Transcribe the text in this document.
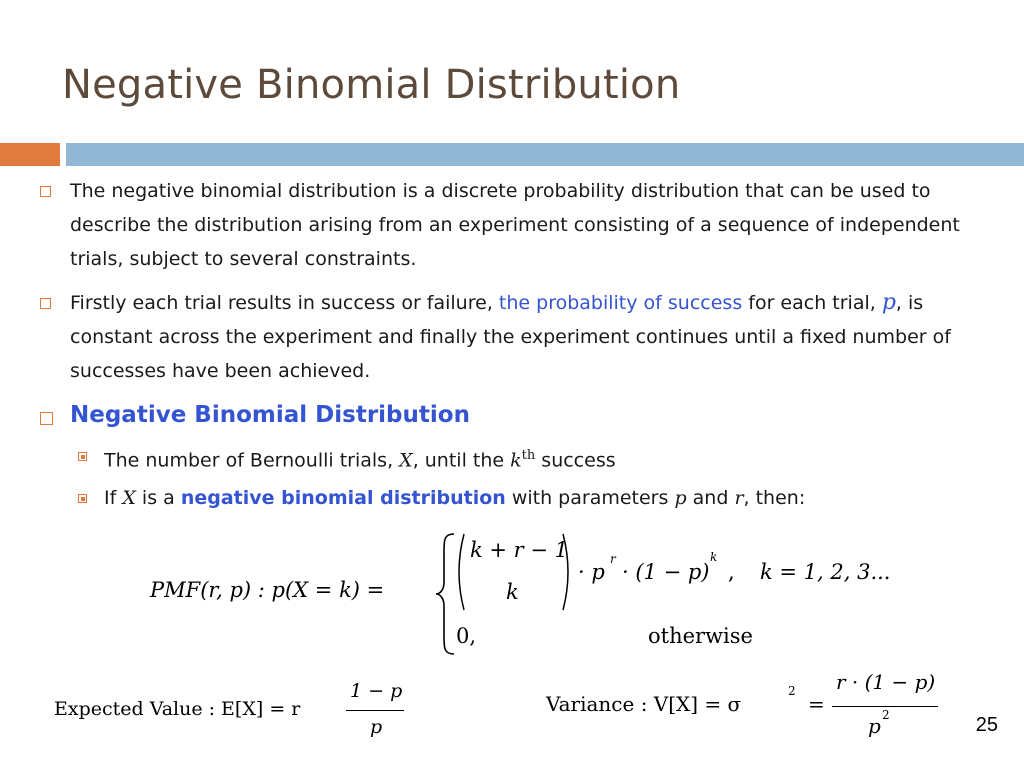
Negative Binomial Distribution
The negative binomial distribution is a discrete probability distribution that can be used to describe the distribution arising from an experiment consisting of a sequence of independent trials, subject to several constraints.
Firstly each trial results in success or failure, the probability of success for each trial, p, is constant across the experiment and finally the experiment continues until a fixed number of successes have been achieved.
Negative Binomial Distribution
The number of Bernoulli trials, X, until the $k^{th}$ success
If X is a negative binomial distribution with parameters p and r, then:
PMF(r, p) : p(X = k) =
k + r − 1
k
· p
r
· (1 − p)
k
, k = 1, 2, 3...
0,	otherwise
Expected Value : E[X] = r
1 − p
p
Variance : V[X] = σ
2
=
r · (1 − p)
p 2	25
